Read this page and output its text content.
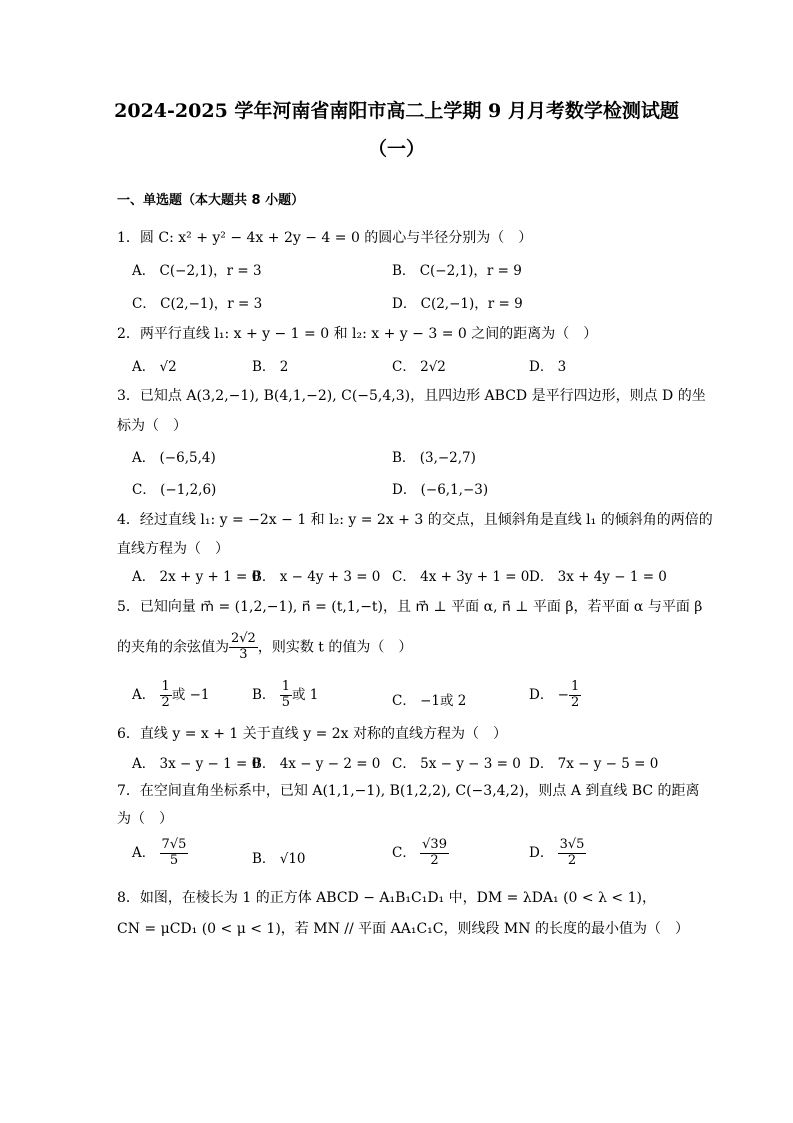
2024-2025 学年河南省南阳市高二上学期 9 月月考数学检测试题
（一）
一、单选题（本大题共 8 小题）
1．圆 C: x² + y² − 4x + 2y − 4 = 0 的圆心与半径分别为（　）
A． C(−2,1)，r = 3	B． C(−2,1)，r = 9
C． C(2,−1)，r = 3	D． C(2,−1)，r = 9
2．两平行直线 l₁: x + y − 1 = 0 和 l₂: x + y − 3 = 0 之间的距离为（　）
A． √2	B． 2	C． 2√2	D． 3
3．已知点 A(3,2,−1), B(4,1,−2), C(−5,4,3)，且四边形 ABCD 是平行四边形，则点 D 的坐
标为（　）
A． (−6,5,4)	B． (3,−2,7)
C． (−1,2,6)	D． (−6,1,−3)
4．经过直线 l₁: y = −2x − 1 和 l₂: y = 2x + 3 的交点，且倾斜角是直线 l₁ 的倾斜角的两倍的
直线方程为（　）
A． 2x + y + 1 = 0
B． x − 4y + 3 = 0 C． 4x + 3y + 1 = 0 D． 3x + 4y − 1 = 0
5．已知向量 m⃗ = (1,2,−1), n⃗ = (t,1,−t)，且 m⃗ ⊥ 平面 α, n⃗ ⊥ 平面 β，若平面 α 与平面 β
的夹角的余弦值为 $\frac{2√2}{3}$ ，则实数 t 的值为（　）
A． $\frac{1}{2}$ 或 −1	B． $\frac{1}{5}$ 或 1	C． −1或 2	D． − $\frac{1}{2}$
6．直线 y = x + 1 关于直线 y = 2x 对称的直线方程为（　）
A． 3x − y − 1 = 0
B． 4x − y − 2 = 0 C． 5x − y − 3 = 0 D． 7x − y − 5 = 0
7．在空间直角坐标系中，已知 A(1,1,−1), B(1,2,2), C(−3,4,2)，则点 A 到直线 BC 的距离
为（　）
A． $\frac{7√5}{5}$	B． √10	C． $\frac{√39}{2}$	D． $\frac{3√5}{2}$
8．如图，在棱长为 1 的正方体 ABCD − A₁B₁C₁D₁ 中，DM = λDA₁ (0 < λ < 1)，
CN = μCD₁ (0 < μ < 1)，若 MN // 平面 AA₁C₁C，则线段 MN 的长度的最小值为（　）
